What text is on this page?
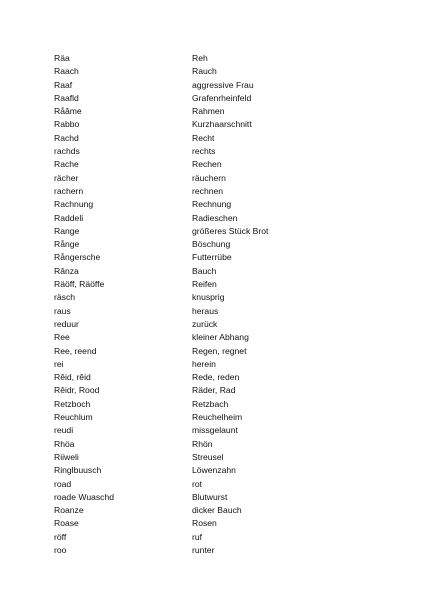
Räa	Reh
Raach	Rauch
Raaf	aggressive Frau
Raafld	Grafenrheinfeld
Råâme	Rahmen
Rabbo	Kurzhaarschnitt
Rachd	Recht
rachds	rechts
Rache	Rechen
rächer	räuchern
rachern	rechnen
Rachnung	Rechnung
Raddeli	Radieschen
Range	größeres Stück Brot
Rånge	Böschung
Rångersche	Futterrübe
Rânza	Bauch
Räöff, Räöffe	Reifen
räsch	knusprig
raus	heraus
reduur	zurück
Ree	kleiner Abhang
Ree, reend	Regen, regnet
rei	herein
Rêid, rêid	Rede, reden
Rêidr, Rood	Räder, Rad
Retzboch	Retzbach
Reuchlum	Reuchelheim
reudi	missgelaunt
Rhöa	Rhön
Riiweli	Streusel
Ringlbuusch	Löwenzahn
road	rot
roade Wuaschd	Blutwurst
Roanze	dicker Bauch
Roase	Rosen
röff	ruf
roo	runter
